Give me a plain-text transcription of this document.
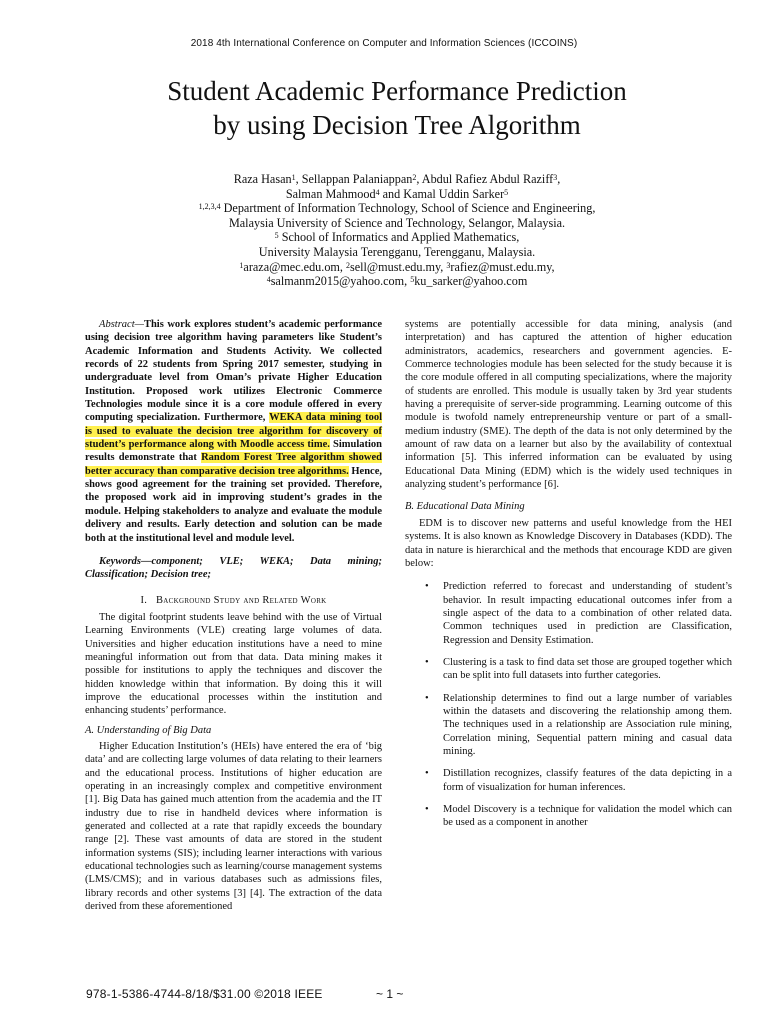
2018 4th International Conference on Computer and Information Sciences (ICCOINS)
Student Academic Performance Prediction
by using Decision Tree Algorithm
Raza Hasan$^1$, Sellappan Palaniappan$^2$, Abdul Rafiez Abdul Raziff$^3$,
Salman Mahmood$^4$ and Kamal Uddin Sarker$^5$
$^{1,2,3,4}$ Department of Information Technology, School of Science and Engineering,
Malaysia University of Science and Technology, Selangor, Malaysia.
$^5$ School of Informatics and Applied Mathematics,
University Malaysia Terengganu, Terengganu, Malaysia.
$^1$araza@mec.edu.om, $^2$sell@must.edu.my, $^3$rafiez@must.edu.my,
$^4$salmanm2015@yahoo.com, $^5$ku_sarker@yahoo.com
Abstract—This work explores student’s academic performance using decision tree algorithm having parameters like Student’s Academic Information and Students Activity. We collected records of 22 students from Spring 2017 semester, studying in undergraduate level from Oman’s private Higher Education Institution. Proposed work utilizes Electronic Commerce Technologies module since it is a core module offered in every computing specialization. Furthermore, WEKA data mining tool is used to evaluate the decision tree algorithm for discovery of student’s performance along with Moodle access time. Simulation results demonstrate that Random Forest Tree algorithm showed better accuracy than comparative decision tree algorithms. Hence, shows good agreement for the training set provided. Therefore, the proposed work aid in improving student’s grades in the module. Helping stakeholders to analyze and evaluate the module delivery and results. Early detection and solution can be made both at the institutional level and module level.
Keywords—component; VLE; WEKA; Data mining; Classification; Decision tree;
I. Background Study and Related Work

The digital footprint students leave behind with the use of Virtual Learning Environments (VLE) creating large volumes of data. Universities and higher education institutions have a need to mine meaningful information out from that data. Data mining makes it possible for institutions to apply the techniques and discover the hidden knowledge within that information. By doing this it will improve the educational processes within the institution and enhancing students’ performance.

A. Understanding of Big Data

Higher Education Institution’s (HEIs) have entered the era of ‘big data’ and are collecting large volumes of data relating to their learners and the educational process. Institutions of higher education are operating in an increasingly complex and competitive environment [1]. Big Data has gained much attention from the academia and the IT industry due to rise in handheld devices where information is generated and collected at a rate that rapidly exceeds the boundary range [2]. These vast amounts of data are stored in the student information systems (SIS); including learner interactions with various educational technologies such as learning/course management systems (LMS/CMS); and in various databases such as admissions files, library records and other systems [3] [4]. The extraction of the data derived from these aforementioned

systems are potentially accessible for data mining, analysis (and interpretation) and has captured the attention of higher education administrators, academics, researchers and government agencies. E-Commerce technologies module has been selected for the study because it is the core module offered in all computing specializations, where the majority of students are enrolled. This module is usually taken by 3rd year students having a prerequisite of server-side programming. Learning outcome of this module is twofold namely entrepreneurship venture or part of a small-medium industry (SME). The depth of the data is not only determined by the amount of raw data on a learner but also by the availability of contextual information [5]. This inferred information can be evaluated by using Educational Data Mining (EDM) which is the widely used techniques in analyzing student’s performance [6].

B. Educational Data Mining

EDM is to discover new patterns and useful knowledge from the HEI systems. It is also known as Knowledge Discovery in Databases (KDD). The data in nature is hierarchical and the methods that encourage KDD are given below:

• Prediction referred to forecast and understanding of student’s behavior. In result impacting educational outcomes infer from a single aspect of the data to a combination of other related data. Common techniques used in prediction are Classification, Regression and Density Estimation.
• Clustering is a task to find data set those are grouped together which can be split into full datasets into further categories.
• Relationship determines to find out a large number of variables within the datasets and discovering the relationship among them. The techniques used in a relationship are Association rule mining, Correlation mining, Sequential pattern mining and casual data mining.
• Distillation recognizes, classify features of the data depicting in a form of visualization for human inferences.
• Model Discovery is a technique for validation the model which can be used as a component in another
978-1-5386-4744-8/18/$31.00 ©2018 IEEE	~ 1 ~
